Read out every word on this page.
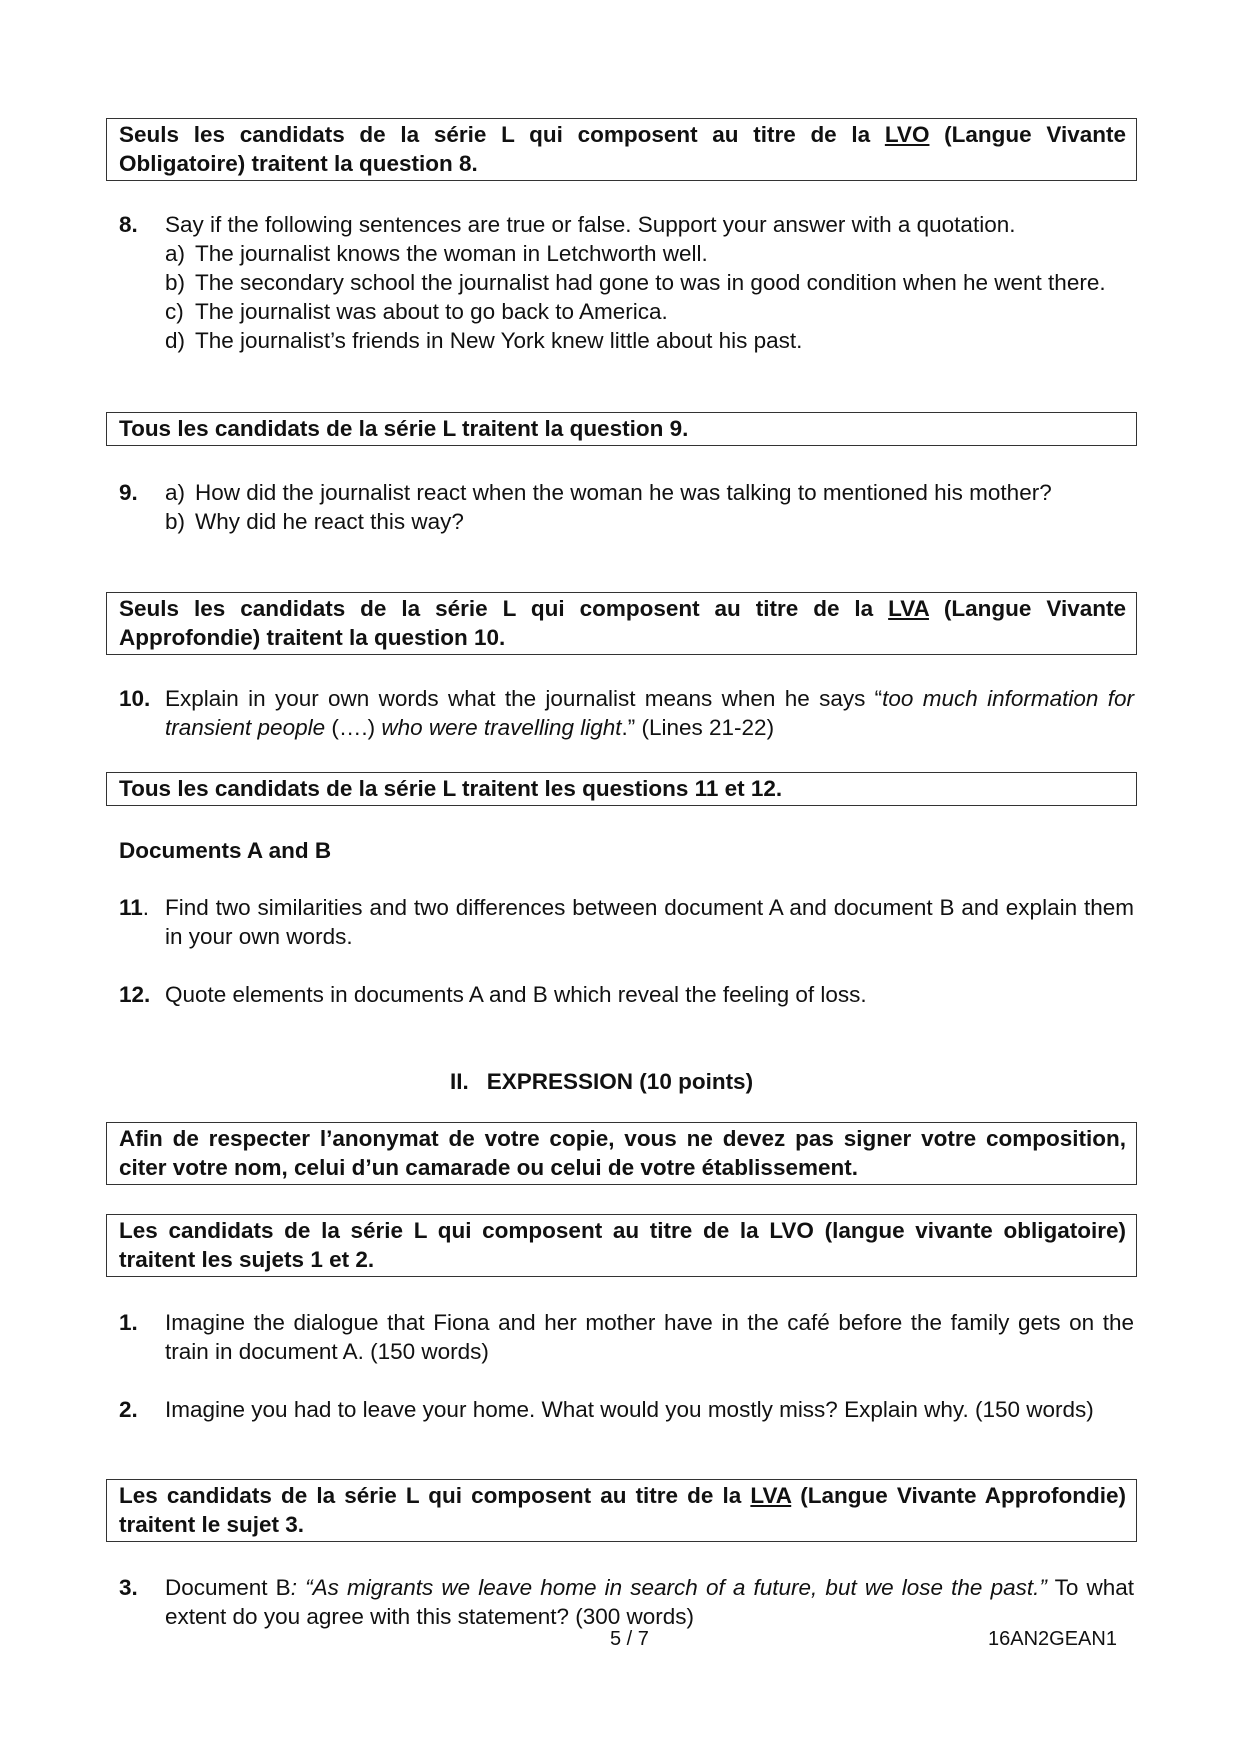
Seuls les candidats de la série L qui composent au titre de la LVO (Langue Vivante Obligatoire) traitent la question 8.
8.	Say if the following sentences are true or false. Support your answer with a quotation.
a) The journalist knows the woman in Letchworth well.
b) The secondary school the journalist had gone to was in good condition when he went there.
c) The journalist was about to go back to America.
d) The journalist’s friends in New York knew little about his past.
Tous les candidats de la série L traitent la question 9.
9.	a) How did the journalist react when the woman he was talking to mentioned his mother?
b) Why did he react this way?
Seuls les candidats de la série L qui composent au titre de la LVA (Langue Vivante Approfondie) traitent la question 10.
10. Explain in your own words what the journalist means when he says “too much information for transient people (….) who were travelling light.” (Lines 21-22)
Tous les candidats de la série L traitent les questions 11 et 12.
Documents A and B
11. Find two similarities and two differences between document A and document B and explain them in your own words.
12. Quote elements in documents A and B which reveal the feeling of loss.
II. EXPRESSION (10 points)
Afin de respecter l’anonymat de votre copie, vous ne devez pas signer votre composition, citer votre nom, celui d’un camarade ou celui de votre établissement.
Les candidats de la série L qui composent au titre de la LVO (langue vivante obligatoire) traitent les sujets 1 et 2.
1.	Imagine the dialogue that Fiona and her mother have in the café before the family gets on the train in document A. (150 words)
2.	Imagine you had to leave your home. What would you mostly miss? Explain why. (150 words)
Les candidats de la série L qui composent au titre de la LVA (Langue Vivante Approfondie) traitent le sujet 3.
3.	Document B: “As migrants we leave home in search of a future, but we lose the past.” To what extent do you agree with this statement? (300 words)
5 / 7	16AN2GEAN1
